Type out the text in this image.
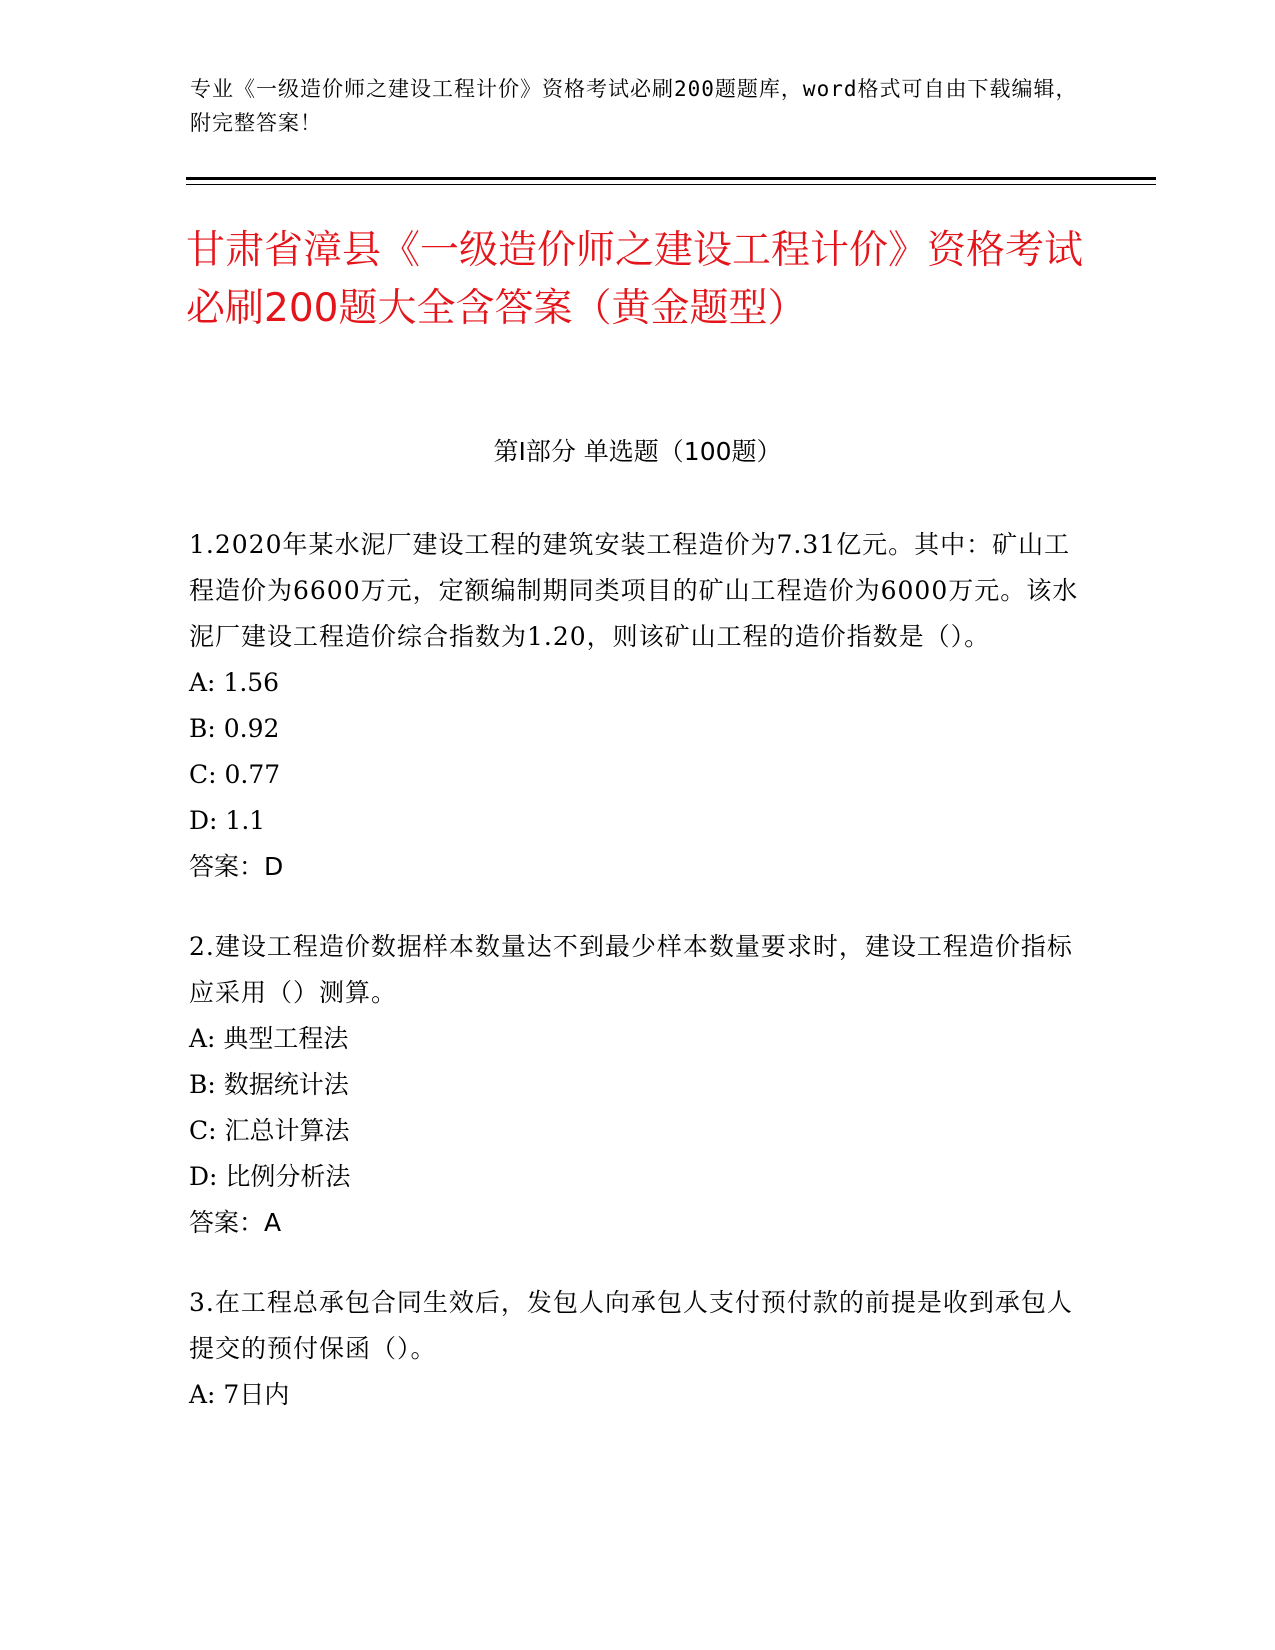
专业《一级造价师之建设工程计价》资格考试必刷200题题库，word格式可自由下载编辑，附完整答案！
甘肃省漳县《一级造价师之建设工程计价》资格考试必刷200题大全含答案（黄金题型）
第I部分 单选题（100题）
1.2020年某水泥厂建设工程的建筑安装工程造价为7.31亿元。其中：矿山工程造价为6600万元，定额编制期同类项目的矿山工程造价为6000万元。该水泥厂建设工程造价综合指数为1.20，则该矿山工程的造价指数是（）。
A: 1.56
B: 0.92
C: 0.77
D: 1.1
答案：D
2.建设工程造价数据样本数量达不到最少样本数量要求时，建设工程造价指标应采用（）测算。
A: 典型工程法
B: 数据统计法
C: 汇总计算法
D: 比例分析法
答案：A
3.在工程总承包合同生效后，发包人向承包人支付预付款的前提是收到承包人提交的预付保函（）。
A: 7日内
